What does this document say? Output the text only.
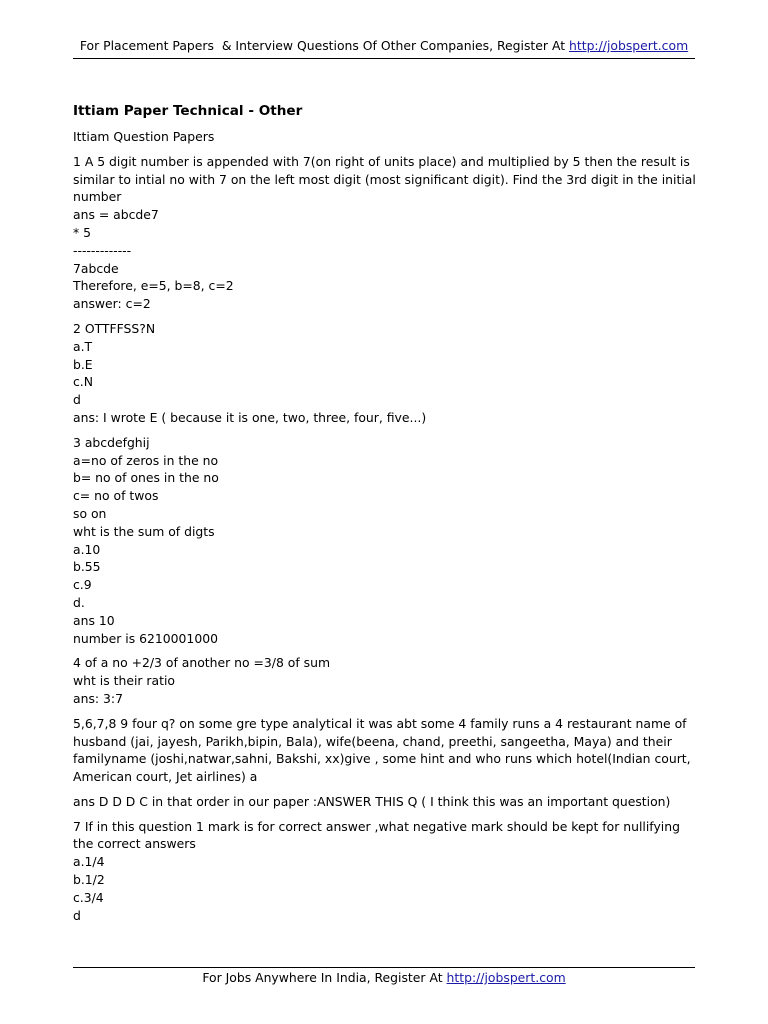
For Placement Papers  & Interview Questions Of Other Companies, Register At http://jobspert.com
Ittiam Paper Technical - Other
Ittiam Question Papers
1 A 5 digit number is appended with 7(on right of units place) and multiplied by 5 then the result is similar to intial no with 7 on the left most digit (most significant digit). Find the 3rd digit in the initial number
ans = abcde7
* 5
-------------
7abcde
Therefore, e=5, b=8, c=2
answer: c=2
2 OTTFFSS?N
a.T
b.E
c.N
d
ans: I wrote E ( because it is one, two, three, four, five...)
3 abcdefghij
a=no of zeros in the no
b= no of ones in the no
c= no of twos
so on
wht is the sum of digts
a.10
b.55
c.9
d.
ans 10
number is 6210001000
4 of a no +2/3 of another no =3/8 of sum
wht is their ratio
ans: 3:7
5,6,7,8 9 four q? on some gre type analytical it was abt some 4 family runs a 4 restaurant name of husband (jai, jayesh, Parikh,bipin, Bala), wife(beena, chand, preethi, sangeetha, Maya) and their familyname (joshi,natwar,sahni, Bakshi, xx)give , some hint and who runs which hotel(Indian court, American court, Jet airlines) a
ans D D D C in that order in our paper :ANSWER THIS Q ( I think this was an important question)
7 If in this question 1 mark is for correct answer ,what negative mark should be kept for nullifying the correct answers
a.1/4
b.1/2
c.3/4
d
For Jobs Anywhere In India, Register At http://jobspert.com
